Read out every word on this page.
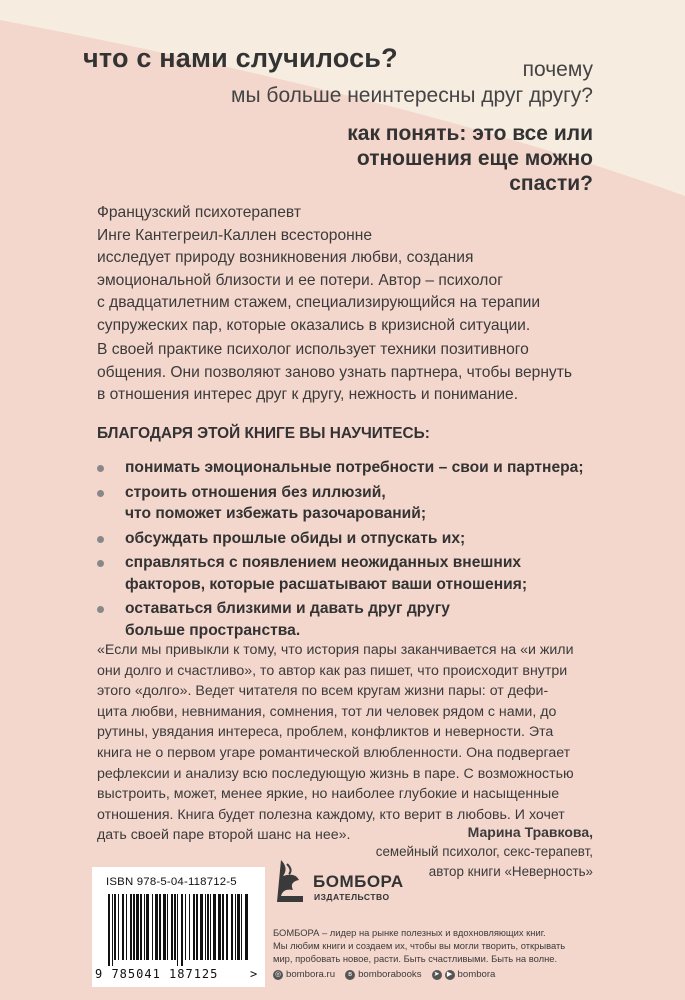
что с нами случилось?	почему
мы больше неинтересны друг другу?
как понять: это все или
отношения еще можно
спасти?
Французский психотерапевт
Инге Кантегреил-Каллен всесторонне
исследует природу возникновения любви, создания
эмоциональной близости и ее потери. Автор – психолог
с двадцатилетним стажем, специализирующийся на терапии
супружеских пар, которые оказались в кризисной ситуации.
В своей практике психолог использует техники позитивного
общения. Они позволяют заново узнать партнера, чтобы вернуть
в отношения интерес друг к другу, нежность и понимание.
БЛАГОДАРЯ ЭТОЙ КНИГЕ ВЫ НАУЧИТЕСЬ:
понимать эмоциональные потребности – свои и партнера;
строить отношения без иллюзий,
что поможет избежать разочарований;
обсуждать прошлые обиды и отпускать их;
справляться с появлением неожиданных внешних
факторов, которые расшатывают ваши отношения;
оставаться близкими и давать друг другу
больше пространства.
«Если мы привыкли к тому, что история пары заканчивается на «и жили
они долго и счастливо», то автор как раз пишет, что происходит внутри
этого «долго». Ведет читателя по всем кругам жизни пары: от дефи-
цита любви, невнимания, сомнения, тот ли человек рядом с нами, до
рутины, увядания интереса, проблем, конфликтов и неверности. Эта
книга не о первом угаре романтической влюбленности. Она подвергает
рефлексии и анализу всю последующую жизнь в паре. С возможностью
выстроить, может, менее яркие, но наиболее глубокие и насыщенные
отношения. Книга будет полезна каждому, кто верит в любовь. И хочет
дать своей паре второй шанс на нее».	Марина Травкова,
семейный психолог, секс-терапевт,
автор книги «Неверность»
ISBN 978-5-04-118712-5
9 785041 187125	>
БОМБОРА
ИЗДАТЕЛЬСТВО
БОМБОРА – лидер на рынке полезных и вдохновляющих книг.
Мы любим книги и создаем их, чтобы вы могли творить, открывать
мир, пробовать новое, расти. Быть счастливыми. Быть на волне.
◎ bombora.ru	в bomborabooks ➤	▶ bombora
